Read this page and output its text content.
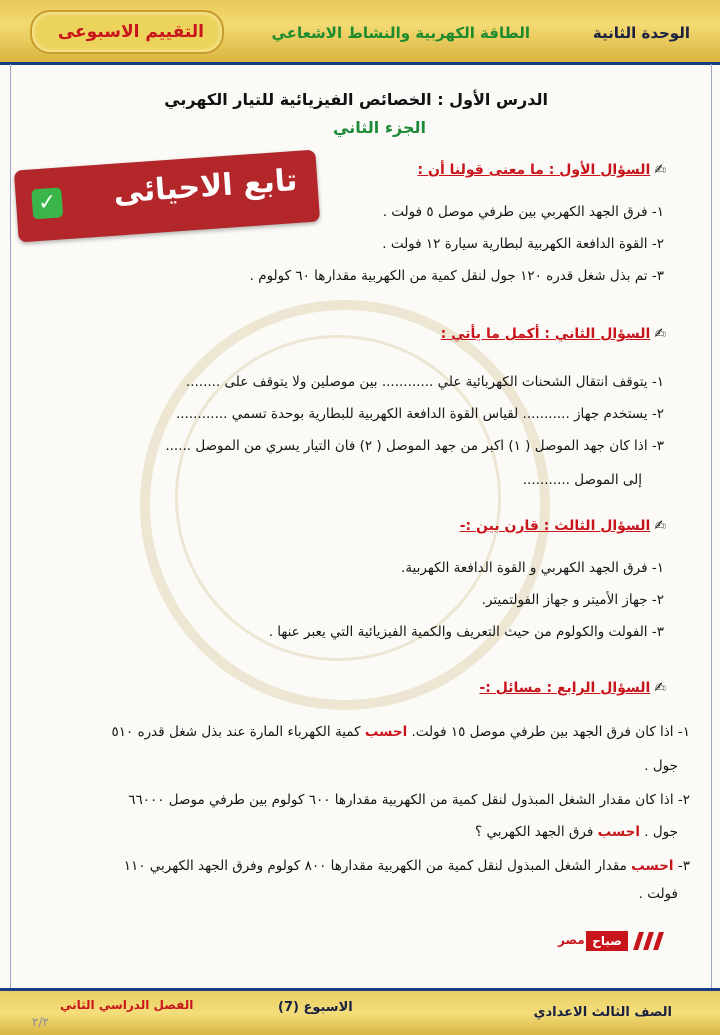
الوحدة الثانية
الطاقة الكهربية والنشاط الاشعاعي
التقييم الاسبوعى
الدرس الأول : الخصائص الفيزيائية للتيار الكهربي
الجزء الثاني
تابع الاحيائى
✓
✍السؤال الأول : ما معنى قولنا أن :
١- فرق الجهد الكهربي بين طرفي موصل ٥ فولت .
٢- القوة الدافعة الكهربية لبطارية سيارة ١٢ فولت .
٣- تم بذل شغل قدره ١٢٠ جول لنقل كمية من الكهربية مقدارها ٦٠ كولوم .
✍السؤال الثاني : أكمل ما يأتي :
١- يتوقف انتقال الشحنات الكهربائية علي ............ بين موصلين ولا يتوقف على ........
٢- يستخدم جهاز ........... لقياس القوة الدافعة الكهربية للبطارية بوحدة تسمي ............
٣- اذا كان جهد الموصل ( ١) اكبر من جهد الموصل ( ٢) فان التيار يسري من الموصل ......
إلى الموصل ...........
✍السؤال الثالث : قارن بين :-
١- فرق الجهد الكهربي و القوة الدافعة الكهربية.
٢- جهاز الأميتر و جهاز الفولتميتر.
٣- الفولت والكولوم من حيث التعريف والكمية الفيزيائية التي يعبر عنها .
✍السؤال الرابع : مسائل :-
١- اذا كان فرق الجهد بين طرفي موصل ١٥ فولت. احسب كمية الكهرباء المارة عند بذل شغل قدره ٥١٠
جول .
٢- اذا كان مقدار الشغل المبذول لنقل كمية من الكهربية مقدارها ٦٠٠ كولوم بين طرفي موصل ٦٦٠٠٠
جول . احسب فرق الجهد الكهربي ؟
٣- احسب مقدار الشغل المبذول لنقل كمية من الكهربية مقدارها ٨٠٠ كولوم وفرق الجهد الكهربي ١١٠
فولت .
صباح
مصر
الصف الثالث الاعدادي
الاسبوع (7)
الفصل الدراسي الثاني
٢/٢
